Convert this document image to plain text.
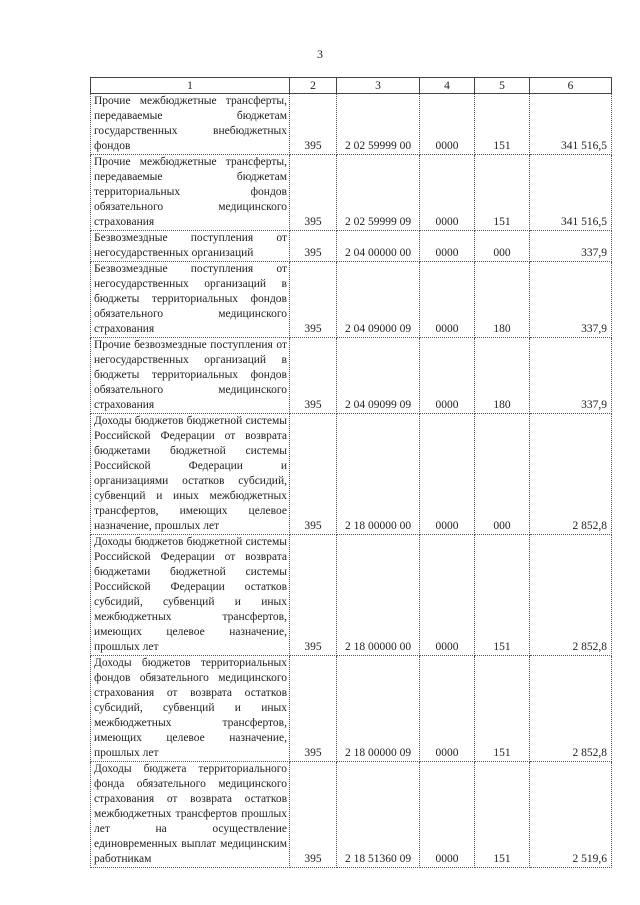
3
1	2	3	4	5	6
Прочие межбюджетные трансферты, передаваемые бюджетам государственных внебюджетных фондов	395	2 02 59999 00	0000	151	341 516,5
Прочие межбюджетные трансферты, передаваемые бюджетам территориальных фондов обязательного медицинского страхования	395	2 02 59999 09	0000	151	341 516,5
Безвозмездные поступления от негосударственных организаций	395	2 04 00000 00	0000	000	337,9
Безвозмездные поступления от негосударственных организаций в бюджеты территориальных фондов обязательного медицинского страхования	395	2 04 09000 09	0000	180	337,9
Прочие безвозмездные поступления от негосударственных организаций в бюджеты территориальных фондов обязательного медицинского страхования	395	2 04 09099 09	0000	180	337,9
Доходы бюджетов бюджетной системы Российской Федерации от возврата бюджетами бюджетной системы Российской Федерации и организациями остатков субсидий, субвенций и иных межбюджетных трансфертов, имеющих целевое назначение, прошлых лет	395	2 18 00000 00	0000	000	2 852,8
Доходы бюджетов бюджетной системы Российской Федерации от возврата бюджетами бюджетной системы Российской Федерации остатков субсидий, субвенций и иных межбюджетных трансфертов, имеющих целевое назначение, прошлых лет	395	2 18 00000 00	0000	151	2 852,8
Доходы бюджетов территориальных фондов обязательного медицинского страхования от возврата остатков субсидий, субвенций и иных межбюджетных трансфертов, имеющих целевое назначение, прошлых лет	395	2 18 00000 09	0000	151	2 852,8
Доходы бюджета территориального фонда обязательного медицинского страхования от возврата остатков межбюджетных трансфертов прошлых лет на осуществление единовременных выплат медицинским работникам	395	2 18 51360 09	0000	151	2 519,6
